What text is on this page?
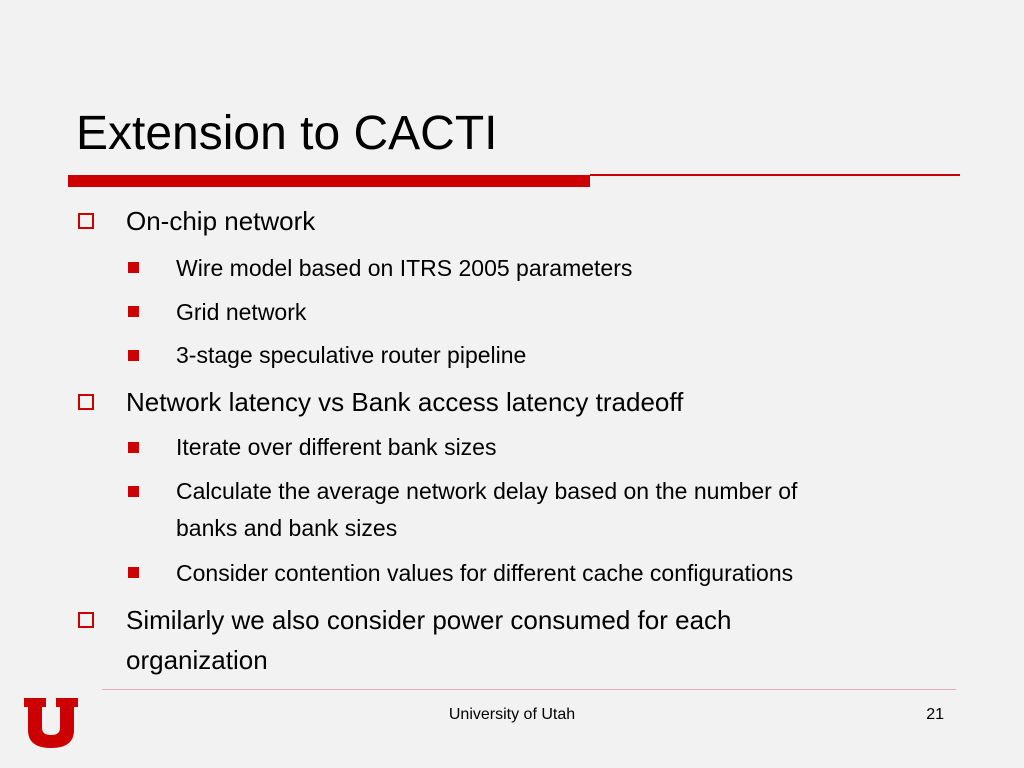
Extension to CACTI
On-chip network
Wire model based on ITRS 2005 parameters
Grid network
3-stage speculative router pipeline
Network latency vs Bank access latency tradeoff
Iterate over different bank sizes
Calculate the average network delay based on the number of
banks and bank sizes
Consider contention values for different cache configurations
Similarly we also consider power consumed for each
organization
University of Utah	21
